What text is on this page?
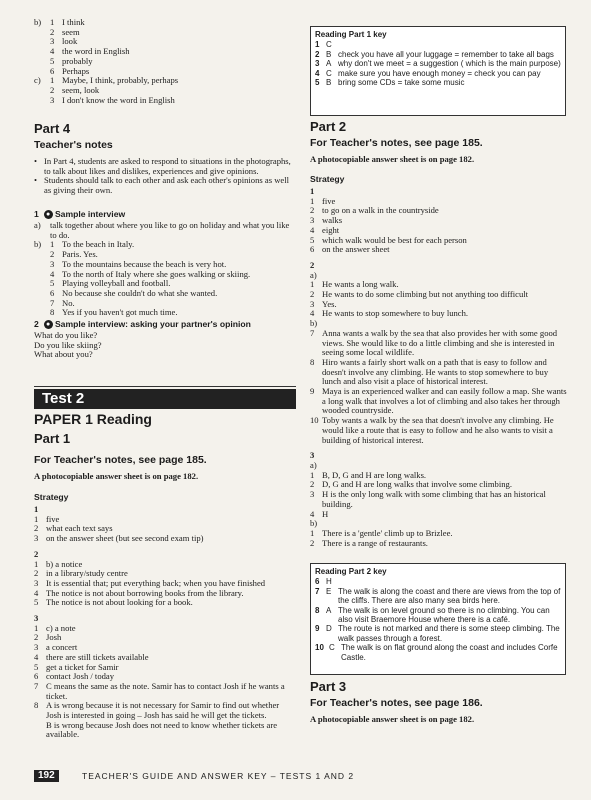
b)	1 I think
2 seem
3 look
4 the word in English
5 probably
6 Perhaps
c)	1 Maybe, I think, probably, perhaps
2 seem, look
3 I don't know the word in English
Part 4
Teacher's notes
• In Part 4, students are asked to respond to situations in the photographs, to talk about likes and dislikes, experiences and give opinions.
• Students should talk to each other and ask each other's opinions as well as giving their own.
1 ● Sample interview
a)	talk together about where you like to go on holiday and what you like to do.
b)	1 To the beach in Italy.
2 Paris. Yes.
3 To the mountains because the beach is very hot.
4 To the north of Italy where she goes walking or skiing.
5 Playing volleyball and football.
6 No because she couldn't do what she wanted.
7 No.
8 Yes if you haven't got much time.
2 ● Sample interview: asking your partner's opinion
What do you like?
Do you like skiing?
What about you?
Test 2
PAPER 1 Reading
Part 1
For Teacher's notes, see page 185.
A photocopiable answer sheet is on page 182.
Strategy
1
1 five
2 what each text says
3 on the answer sheet (but see second exam tip)
2
1 b) a notice
2 in a library/study centre
3 It is essential that; put everything back; when you have finished
4 The notice is not about borrowing books from the library.
5 The notice is not about looking for a book.
3
1 c) a note
2 Josh
3 a concert
4 there are still tickets available
5 get a ticket for Samir
6 contact Josh / today
7 C means the same as the note. Samir has to contact Josh if he wants a ticket.
8 A is wrong because it is not necessary for Samir to find out whether Josh is interested in going – Josh has said he will get the tickets.
B is wrong because Josh does not need to know whether tickets are available.
Reading Part 1 key
1 C
2 B check you have all your luggage = remember to take all bags
3 A why don't we meet = a suggestion ( which is the main purpose)
4 C make sure you have enough money = check you can pay
5 B bring some CDs = take some music
Part 2
For Teacher's notes, see page 185.
A photocopiable answer sheet is on page 182.
Strategy
1
1 five
2 to go on a walk in the countryside
3 walks
4 eight
5 which walk would be best for each person
6 on the answer sheet
2
a)
1 He wants a long walk.
2 He wants to do some climbing but not anything too difficult
3 Yes.
4 He wants to stop somewhere to buy lunch.
b)
7 Anna wants a walk by the sea that also provides her with some good views. She would like to do a little climbing and she is interested in seeing some local wildlife.
8 Hiro wants a fairly short walk on a path that is easy to follow and doesn't involve any climbing. He wants to stop somewhere to buy lunch and also visit a place of historical interest.
9 Maya is an experienced walker and can easily follow a map. She wants a long walk that involves a lot of climbing and also takes her through wooded countryside.
10 Toby wants a walk by the sea that doesn't involve any climbing. He would like a route that is easy to follow and he also wants to visit a building of historical interest.
3
a)
1 B, D, G and H are long walks.
2 D, G and H are long walks that involve some climbing.
3 H is the only long walk with some climbing that has an historical building.
4 H
b)
1 There is a 'gentle' climb up to Brizlee.
2 There is a range of restaurants.
Reading Part 2 key
6 H
7 E The walk is along the coast and there are views from the top of the cliffs. There are also many sea birds here.
8 A The walk is on level ground so there is no climbing. You can also visit Braemore House where there is a café.
9 D The route is not marked and there is some steep climbing. The walk passes through a forest.
10 C The walk is on flat ground along the coast and includes Corfe Castle.
Part 3
For Teacher's notes, see page 186.
A photocopiable answer sheet is on page 182.
192	TEACHER'S GUIDE AND ANSWER KEY – TESTS 1 AND 2
